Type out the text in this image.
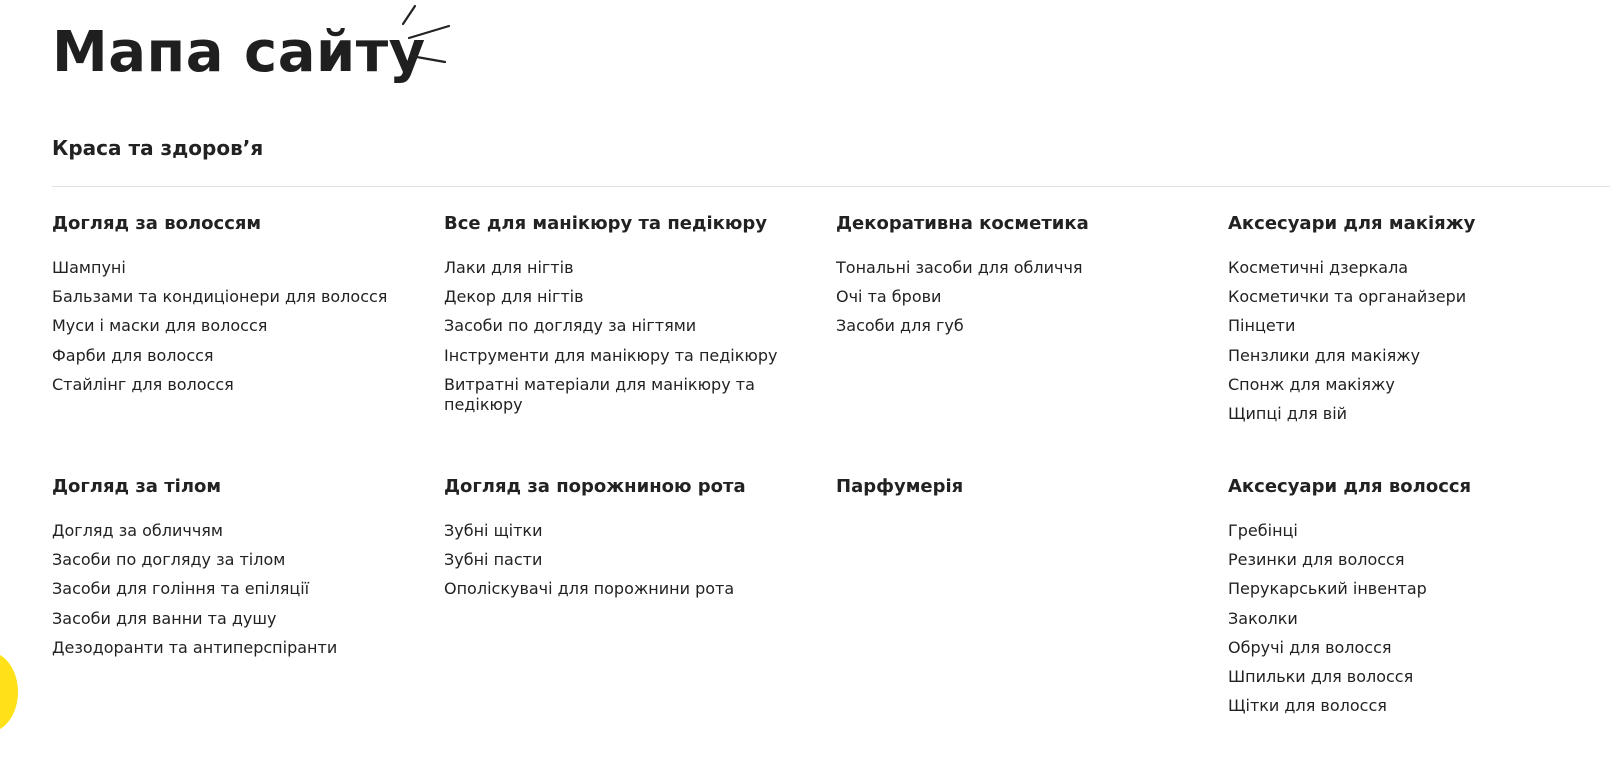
Мапа сайту
Краса та здоров’я
Догляд за волоссям
Шампуні
Бальзами та кондиціонери для волосся
Муси і маски для волосся
Фарби для волосся
Стайлінг для волосся
Все для манікюру та педікюру
Лаки для нігтів
Декор для нігтів
Засоби по догляду за нігтями
Інструменти для манікюру та педікюру
Витратні матеріали для манікюру та педікюру
Декоративна косметика
Тональні засоби для обличчя
Очі та брови
Засоби для губ
Аксесуари для макіяжу
Косметичні дзеркала
Косметички та органайзери
Пінцети
Пензлики для макіяжу
Спонж для макіяжу
Щипці для вій
Догляд за тілом
Догляд за обличчям
Засоби по догляду за тілом
Засоби для гоління та епіляції
Засоби для ванни та душу
Дезодоранти та антиперспіранти
Догляд за порожниною рота
Зубні щітки
Зубні пасти
Ополіскувачі для порожнини рота
Парфумерія	Аксесуари для волосся
Гребінці
Резинки для волосся
Перукарський інвентар
Заколки
Обручі для волосся
Шпильки для волосся
Щітки для волосся
